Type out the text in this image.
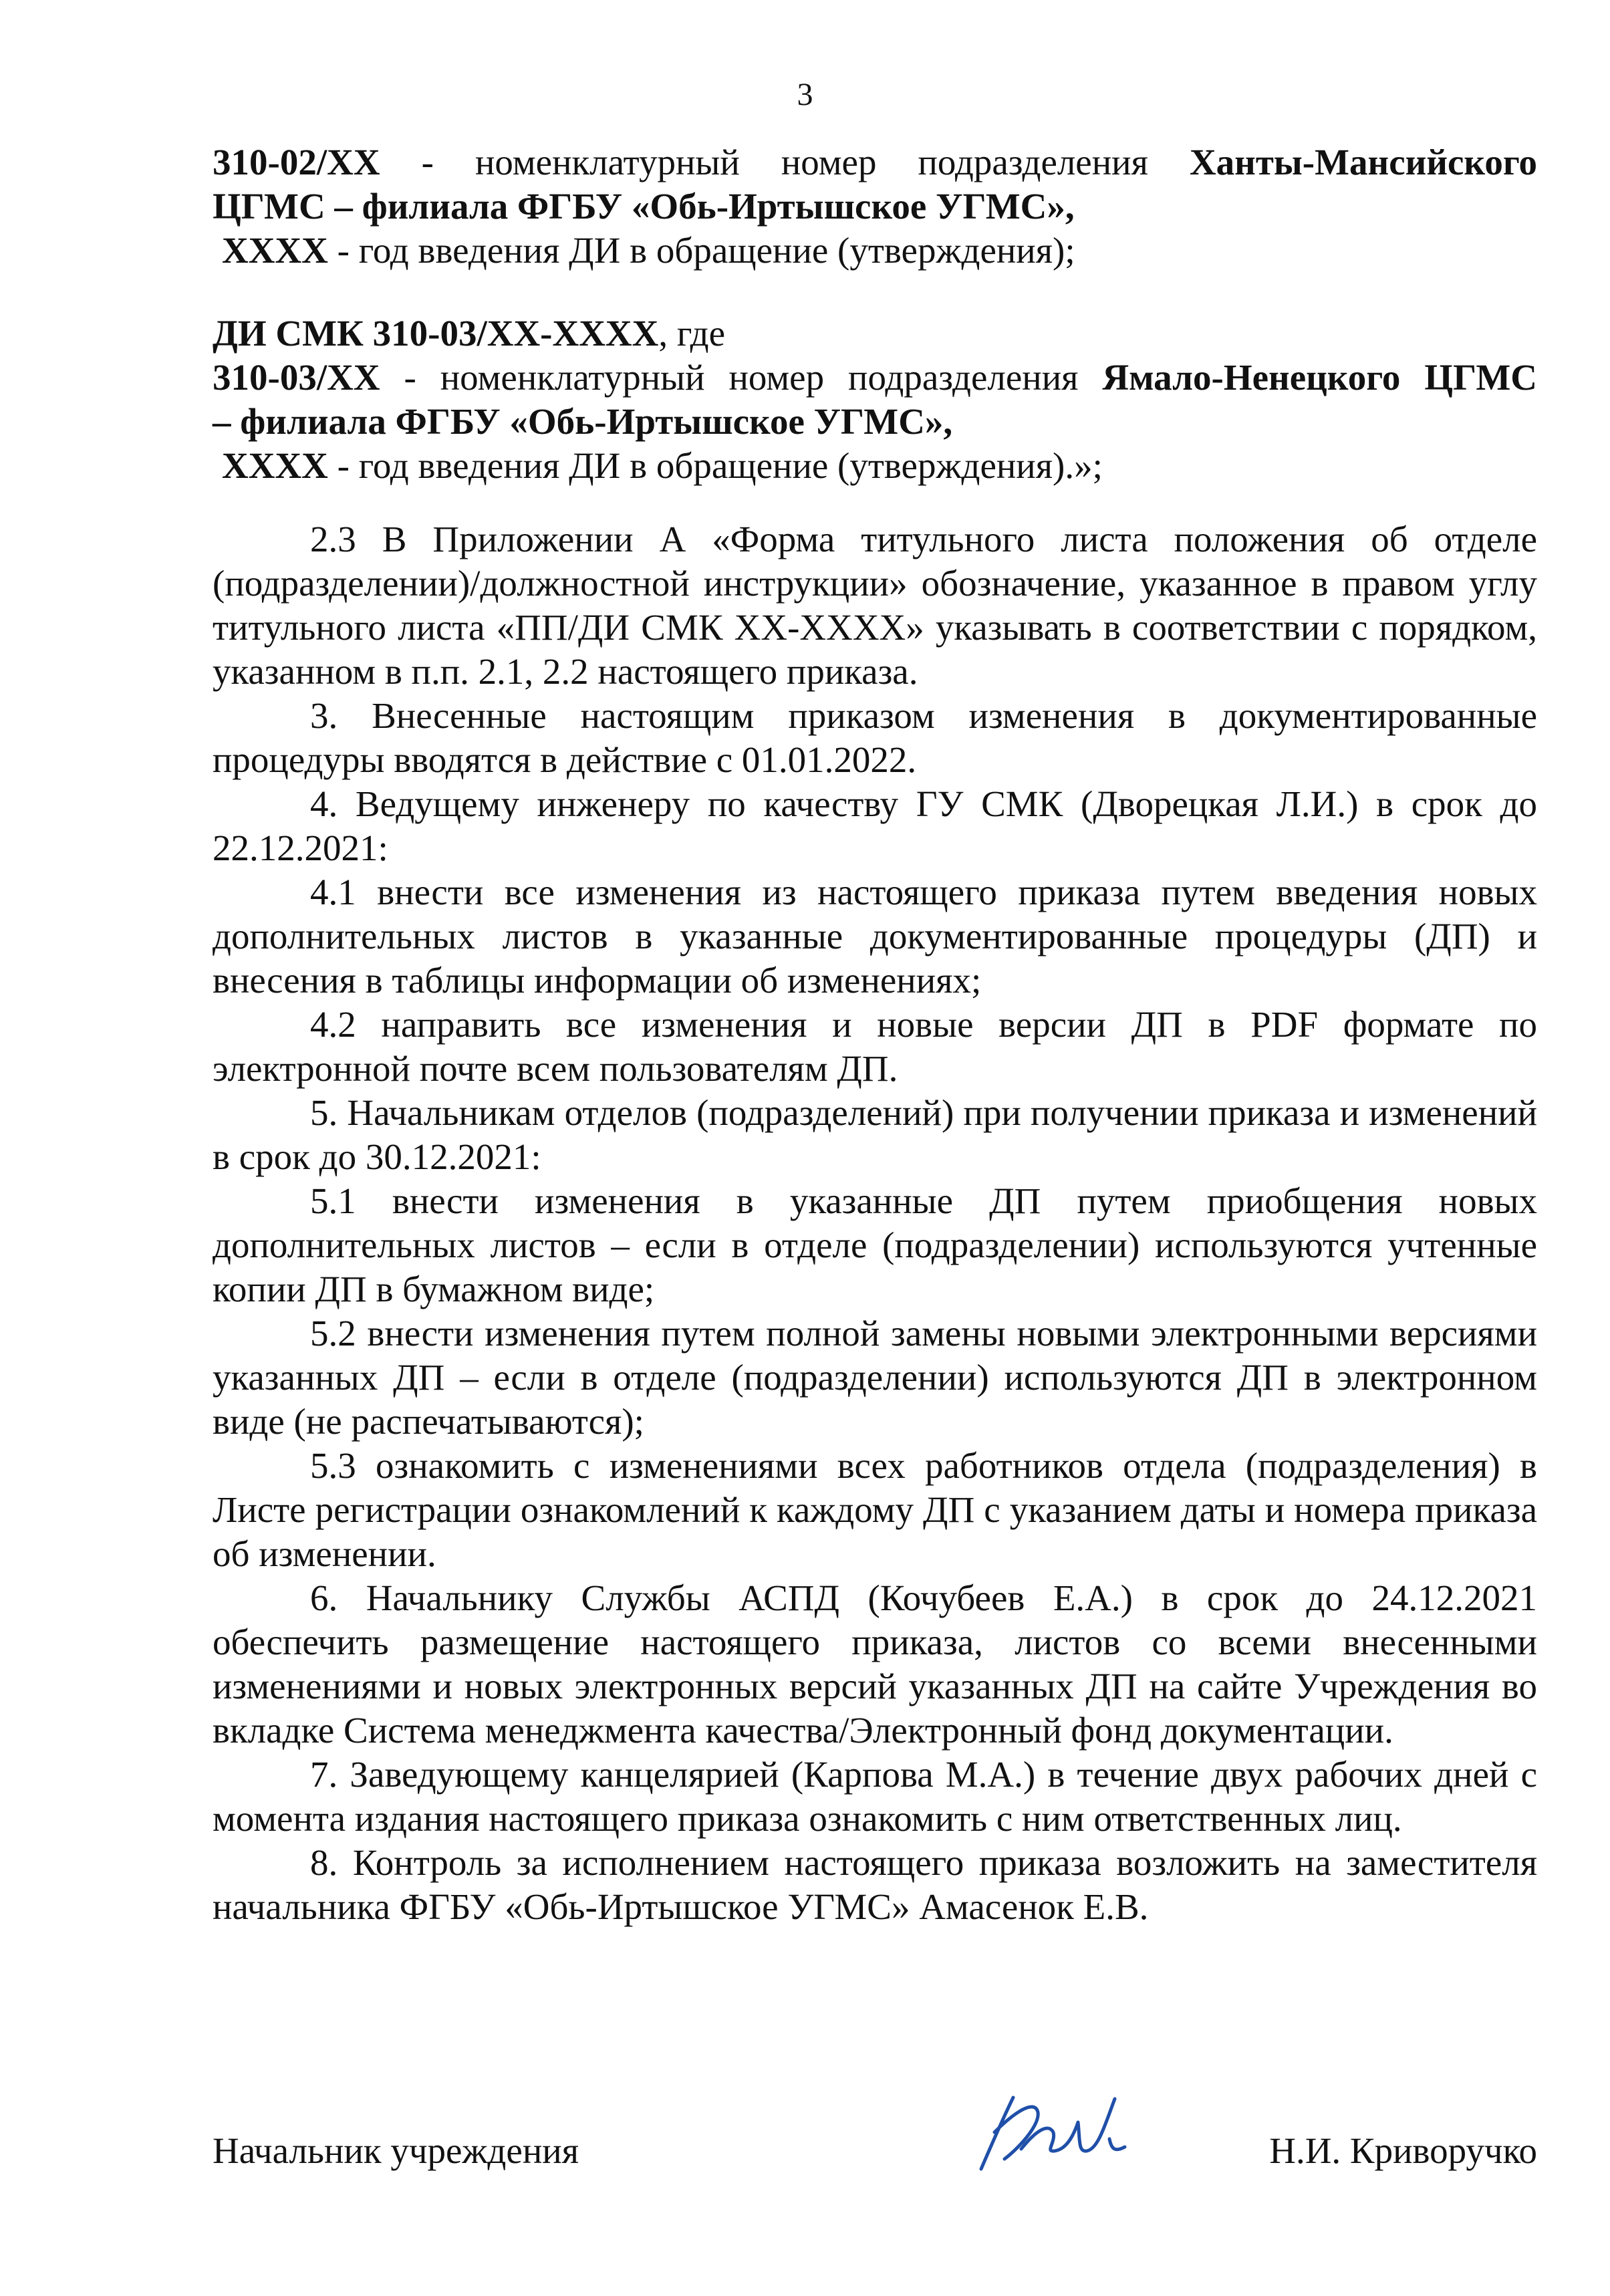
3
310-02/XX - номенклатурный номер подразделения Ханты-Мансийского
ЦГМС – филиала ФГБУ «Обь-Иртышское УГМС»,
XXXX - год введения ДИ в обращение (утверждения);
ДИ СМК 310-03/XX-XXXX, где
310-03/XX - номенклатурный номер подразделения Ямало-Ненецкого ЦГМС
– филиала ФГБУ «Обь-Иртышское УГМС»,
XXXX - год введения ДИ в обращение (утверждения).»;

2.3 В Приложении А «Форма титульного листа положения об отделе (подразделении)/должностной инструкции» обозначение, указанное в правом углу титульного листа «ПП/ДИ СМК XX-XXXX» указывать в соответствии с порядком, указанном в п.п. 2.1, 2.2 настоящего приказа.

3. Внесенные настоящим приказом изменения в документированные процедуры вводятся в действие с 01.01.2022.

4. Ведущему инженеру по качеству ГУ СМК (Дворецкая Л.И.) в срок до 22.12.2021:

4.1 внести все изменения из настоящего приказа путем введения новых дополнительных листов в указанные документированные процедуры (ДП) и внесения в таблицы информации об изменениях;

4.2 направить все изменения и новые версии ДП в PDF формате по электронной почте всем пользователям ДП.

5. Начальникам отделов (подразделений) при получении приказа и изменений в срок до 30.12.2021:

5.1 внести изменения в указанные ДП путем приобщения новых дополнительных листов – если в отделе (подразделении) используются учтенные копии ДП в бумажном виде;

5.2 внести изменения путем полной замены новыми электронными версиями указанных ДП – если в отделе (подразделении) используются ДП в электронном виде (не распечатываются);

5.3 ознакомить с изменениями всех работников отдела (подразделения) в Листе регистрации ознакомлений к каждому ДП с указанием даты и номера приказа об изменении.

6. Начальнику Службы АСПД (Кочубеев Е.А.) в срок до 24.12.2021 обеспечить размещение настоящего приказа, листов со всеми внесенными изменениями и новых электронных версий указанных ДП на сайте Учреждения во вкладке Система менеджмента качества/Электронный фонд документации.

7. Заведующему канцелярией (Карпова М.А.) в течение двух рабочих дней с момента издания настоящего приказа ознакомить с ним ответственных лиц.

8. Контроль за исполнением настоящего приказа возложить на заместителя начальника ФГБУ «Обь-Иртышское УГМС» Амасенок Е.В.

Начальник учреждения	Н.И. Криворучко
